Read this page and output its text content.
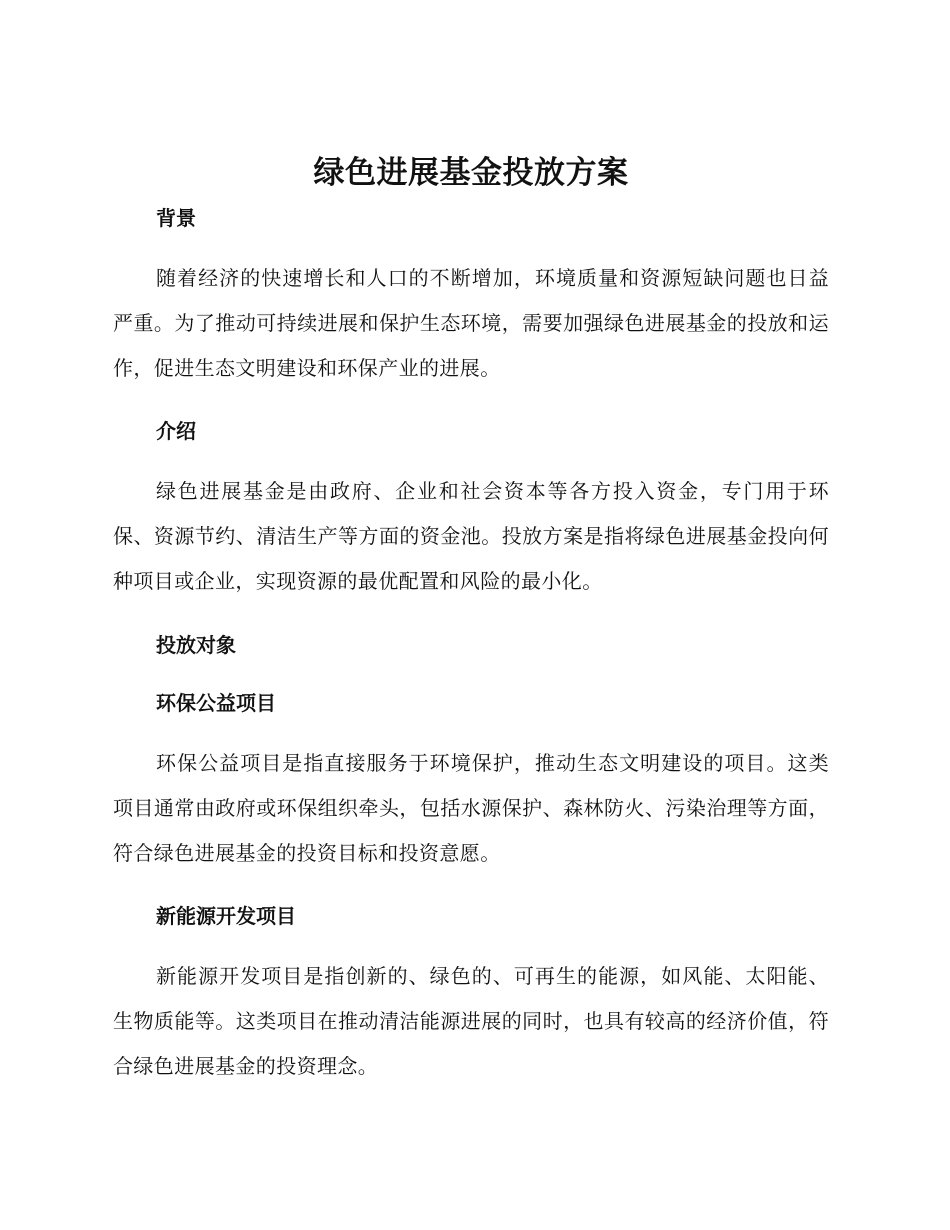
绿色进展基金投放方案
背景

随着经济的快速增长和人口的不断增加，环境质量和资源短缺问题也日益严重。为了推动可持续进展和保护生态环境，需要加强绿色进展基金的投放和运作，促进生态文明建设和环保产业的进展。

介绍

绿色进展基金是由政府、企业和社会资本等各方投入资金，专门用于环保、资源节约、清洁生产等方面的资金池。投放方案是指将绿色进展基金投向何种项目或企业，实现资源的最优配置和风险的最小化。

投放对象
环保公益项目

环保公益项目是指直接服务于环境保护，推动生态文明建设的项目。这类项目通常由政府或环保组织牵头，包括水源保护、森林防火、污染治理等方面，符合绿色进展基金的投资目标和投资意愿。

新能源开发项目

新能源开发项目是指创新的、绿色的、可再生的能源，如风能、太阳能、生物质能等。这类项目在推动清洁能源进展的同时，也具有较高的经济价值，符合绿色进展基金的投资理念。
